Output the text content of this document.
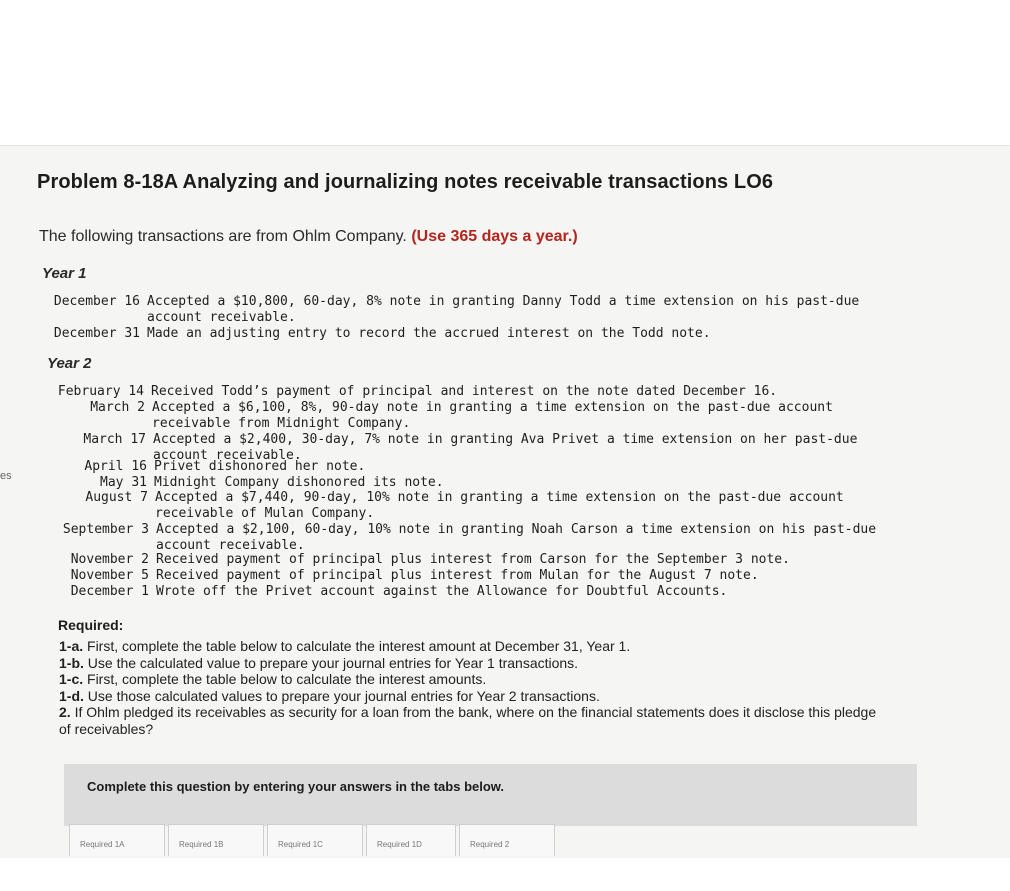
es
Problem 8-18A Analyzing and journalizing notes receivable transactions LO6
The following transactions are from Ohlm Company. (Use 365 days a year.)
Year 1
December 16 Accepted a $10,800, 60-day, 8% note in granting Danny Todd a time extension on his past-due
account receivable.
December 31 Made an adjusting entry to record the accrued interest on the Todd note.
Year 2
February 14 Received Todd’s payment of principal and interest on the note dated December 16.
March 2 Accepted a $6,100, 8%, 90-day note in granting a time extension on the past-due account
receivable from Midnight Company.
March 17 Accepted a $2,400, 30-day, 7% note in granting Ava Privet a time extension on her past-due
account receivable.
April 16 Privet dishonored her note.
May 31 Midnight Company dishonored its note.
August 7 Accepted a $7,440, 90-day, 10% note in granting a time extension on the past-due account
receivable of Mulan Company.
September 3 Accepted a $2,100, 60-day, 10% note in granting Noah Carson a time extension on his past-due
account receivable.
November 2 Received payment of principal plus interest from Carson for the September 3 note.
November 5 Received payment of principal plus interest from Mulan for the August 7 note.
December 1 Wrote off the Privet account against the Allowance for Doubtful Accounts.
Required:
1-a. First, complete the table below to calculate the interest amount at December 31, Year 1.
1-b. Use the calculated value to prepare your journal entries for Year 1 transactions.
1-c. First, complete the table below to calculate the interest amounts.
1-d. Use those calculated values to prepare your journal entries for Year 2 transactions.
2. If Ohlm pledged its receivables as security for a loan from the bank, where on the financial statements does it disclose this pledge of receivables?
Complete this question by entering your answers in the tabs below.
Required 1A	Required 1B	Required 1C	Required 1D	Required 2
